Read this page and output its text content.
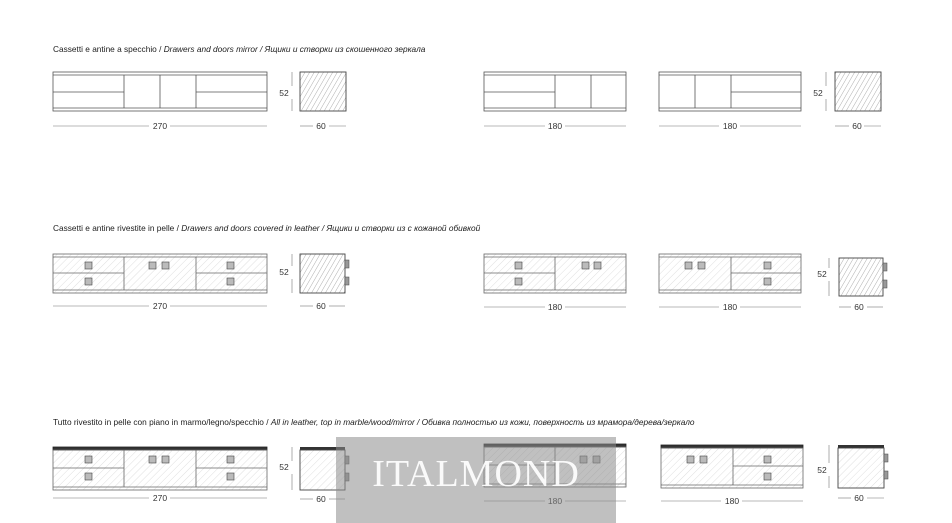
Cassetti e antine a specchio / Drawers and doors mirror / Ящики и створки из скошенного зеркала
Cassetti e antine rivestite in pelle / Drawers and doors covered in leather / Ящики и створки из с кожаной обивкой
Tutto rivestito in pelle con piano in marmo/legno/specchio / All in leather, top in marble/wood/mirror / Обивка полностью из кожи, поверхность из мрамора/дерева/зеркало
270	60	180	180	60
52	52
270	60	180	180	60
52	52
270	60	180	60
52	52
ITALMOND
